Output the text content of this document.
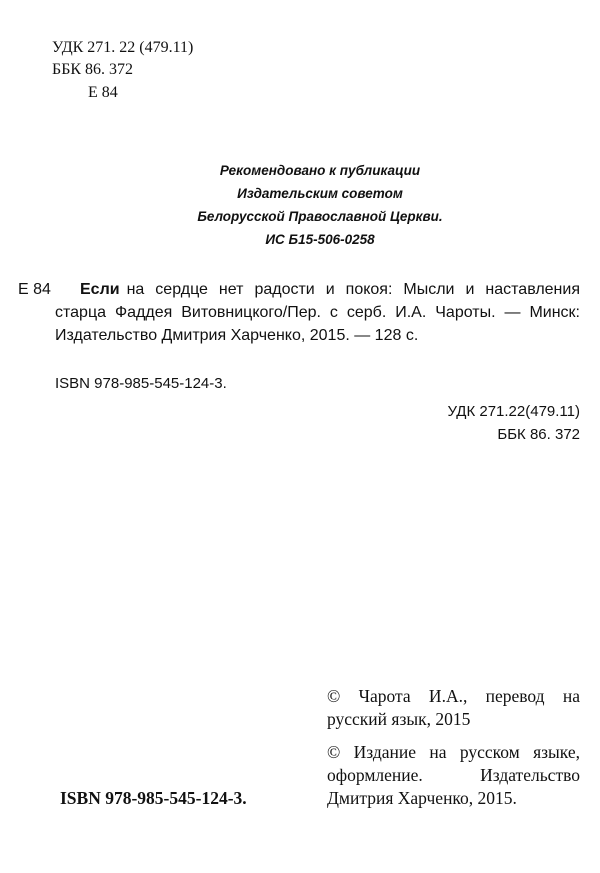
УДК 271. 22 (479.11)
ББК 86. 372
Е 84
Рекомендовано к публикации
Издательским советом
Белорусской Православной Церкви.
ИС Б15-506-0258
Е 84 Если на сердце нет радости и покоя: Мысли и наставления
старца Фаддея Витовницкого/Пер. с серб. И.А. Чароты. — Минск:
Издательство Дмитрия Харченко, 2015. — 128 с.
ISBN 978-985-545-124-3.
УДК 271.22(479.11)
ББК 86. 372
© Чарота И.А., перевод на
русский язык, 2015
© Издание на русском языке,
оформление. Издательство
Дмитрия Харченко, 2015.
ISBN 978-985-545-124-3.
